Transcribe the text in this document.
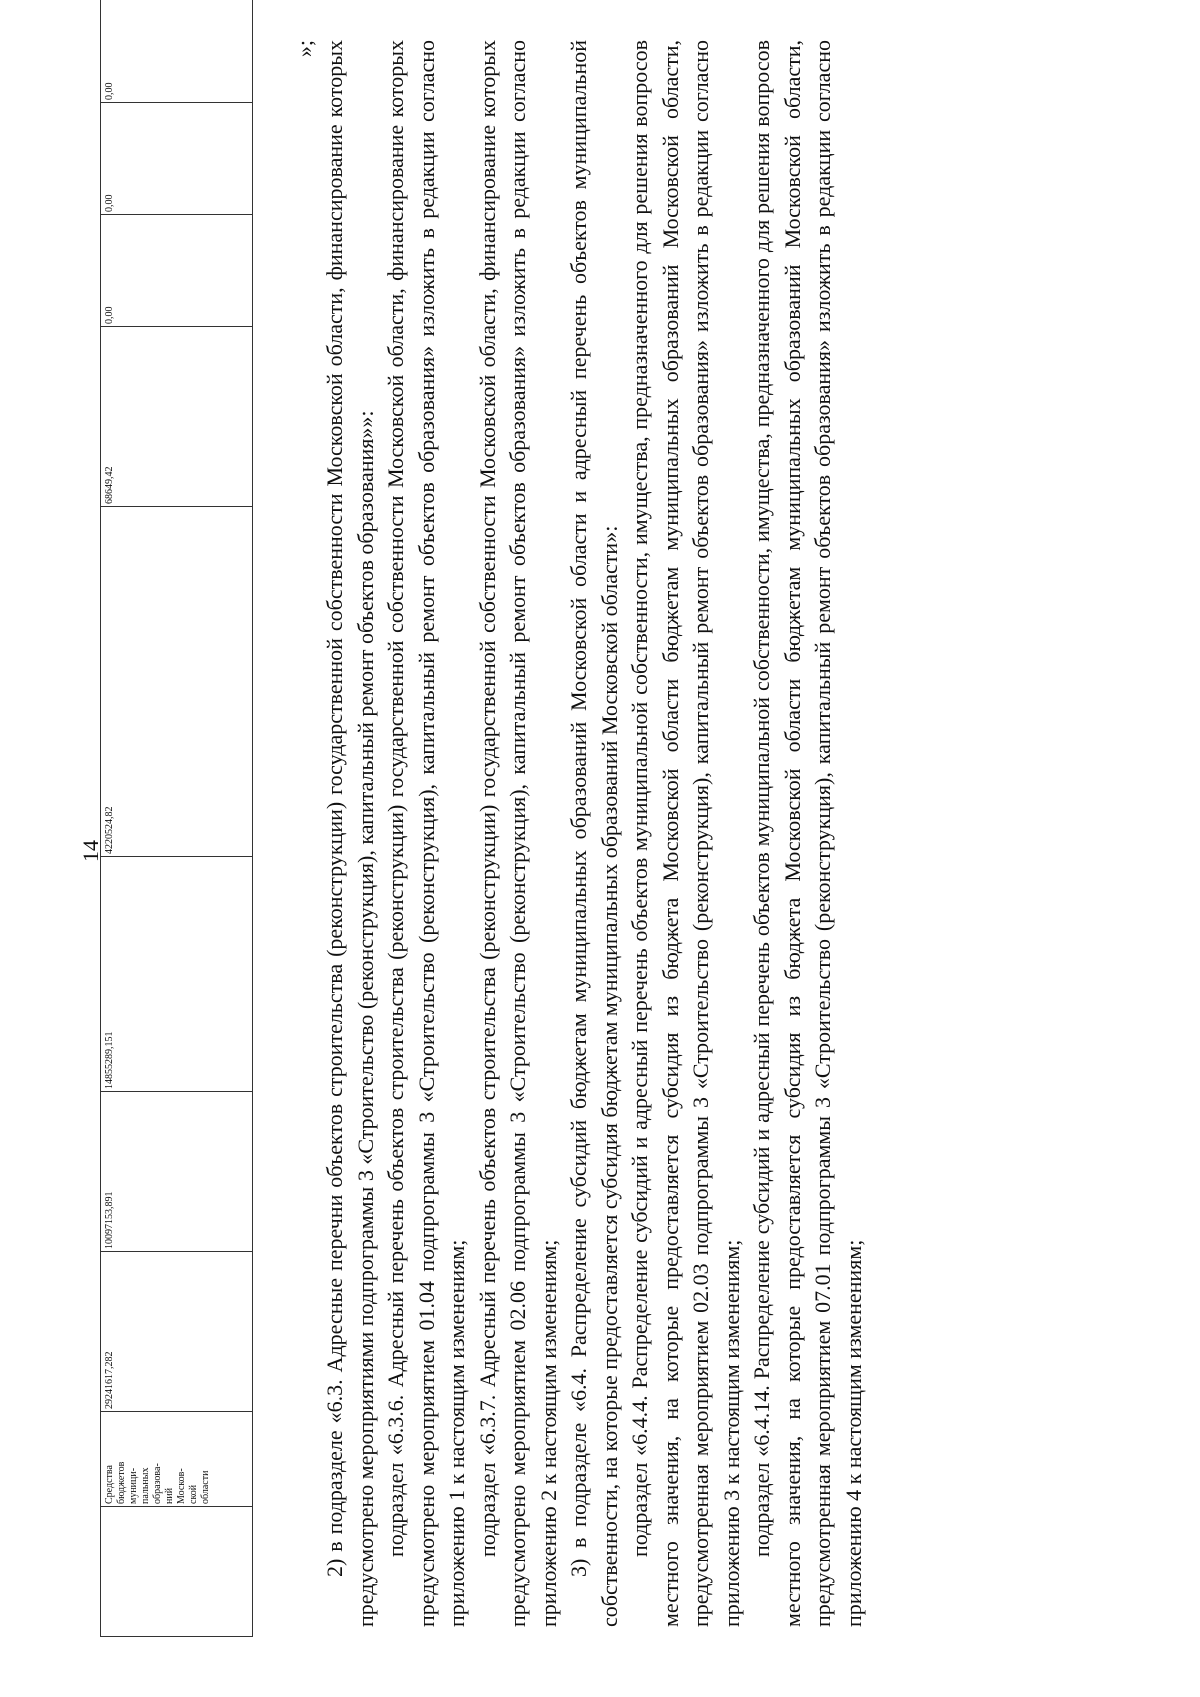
14

Средства бюджетов муници- пальных образова- ний Москов- ской области
	29241617,282	10097153,891	14855289,151	4220524,82	68649,42	0,00	0,00	0,00		

»; 2) в подразделе «6.3. Адресные перечни объектов строительства (реконструкции) государственной собственности Московской области, финансирование которых предусмотрено мероприятиями подпрограммы 3 «Строительство (реконструкция), капитальный ремонт объектов образования»»: подраздел «6.3.6. Адресный перечень объектов строительства (реконструкции) государственной собственности Московской области, финансирование которых предусмотрено мероприятием 01.04 подпрограммы 3 «Строительство (реконструкция), капитальный ремонт объектов образования» изложить в редакции согласно приложению 1 к настоящим изменениям; подраздел «6.3.7. Адресный перечень объектов строительства (реконструкции) государственной собственности Московской области, финансирование которых предусмотрено мероприятием 02.06 подпрограммы 3 «Строительство (реконструкция), капитальный ремонт объектов образования» изложить в редакции согласно приложению 2 к настоящим изменениям; 3) в подразделе «6.4. Распределение субсидий бюджетам муниципальных образований Московской области и адресный перечень объектов муниципальной собственности, на которые предоставляется субсидия бюджетам муниципальных образований Московской области»: подраздел «6.4.4. Распределение субсидий и адресный перечень объектов муниципальной собственности, имущества, предназначенного для решения вопросов местного значения, на которые предоставляется субсидия из бюджета Московской области бюджетам муниципальных образований Московской области, предусмотренная мероприятием 02.03 подпрограммы 3 «Строительство (реконструкция), капитальный ремонт объектов образования» изложить в редакции согласно приложению 3 к настоящим изменениям; подраздел «6.4.14. Распределение субсидий и адресный перечень объектов муниципальной собственности, имущества, предназначенного для решения вопросов местного значения, на которые предоставляется субсидия из бюджета Московской области бюджетам муниципальных образований Московской области, предусмотренная мероприятием 07.01 подпрограммы 3 «Строительство (реконструкция), капитальный ремонт объектов образования» изложить в редакции согласно приложению 4 к настоящим изменениям;
